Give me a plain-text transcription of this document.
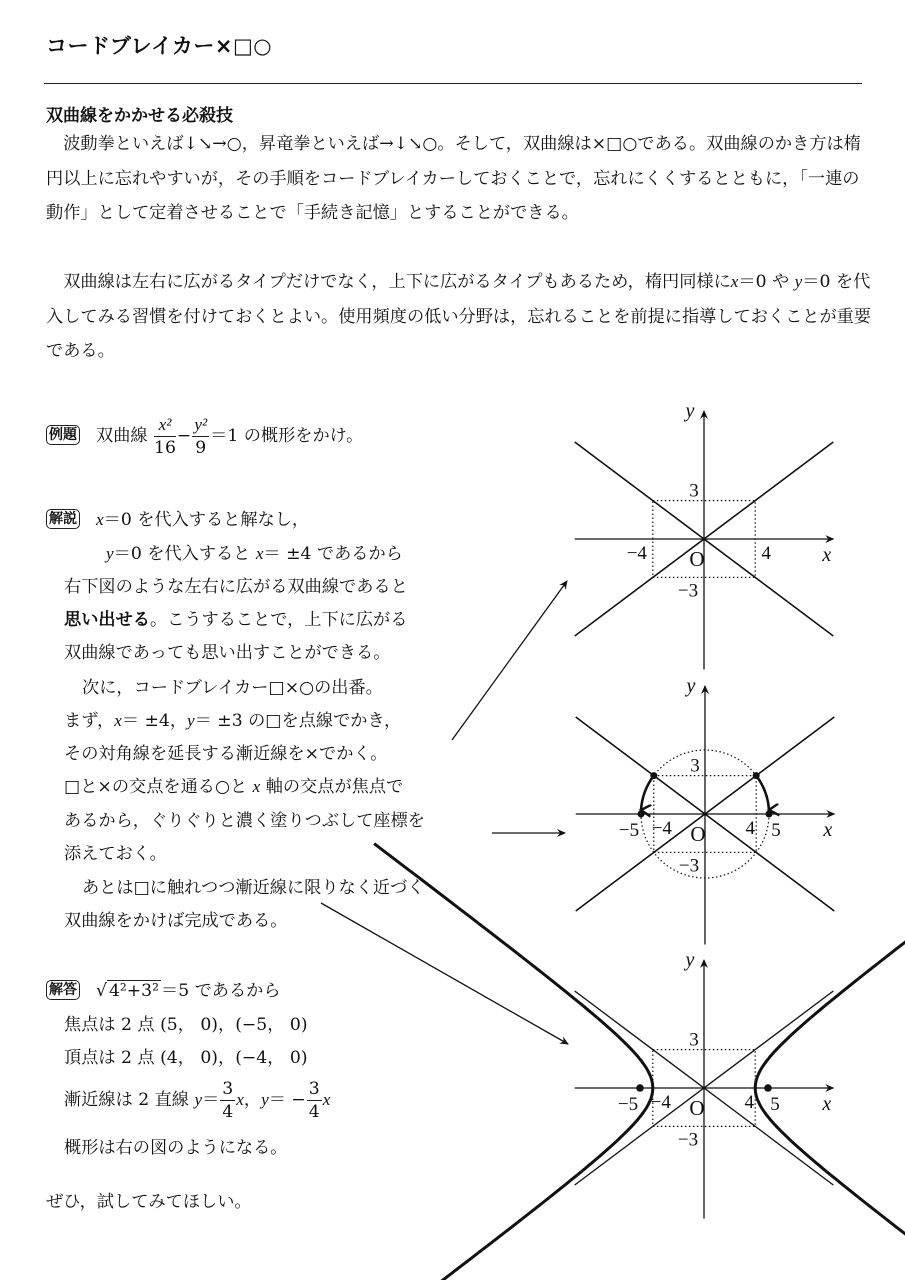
コードブレイカー×□○
双曲線をかかせる必殺技

波動拳といえば↓↘→○，昇竜拳といえば→↓↘○。そして，双曲線は×□○である。双曲線のかき方は楕円以上に忘れやすいが，その手順をコードブレイカーしておくことで，忘れにくくするとともに，「一連の動作」として定着させることで「手続き記憶」とすることができる。

双曲線は左右に広がるタイプだけでなく，上下に広がるタイプもあるため，楕円同様にx＝0 や y＝0 を代入してみる習慣を付けておくとよい。使用頻度の低い分野は，忘れることを前提に指導しておくことが重要である。

例題 双曲線 $\frac{\text{x²}}{16} - \frac{\text{y²}}{9} =1$ の概形をかけ。
解説 x＝0 を代入すると解なし，
y＝0 を代入すると x＝ ±4 であるから
右下図のような左右に広がる双曲線であると
思い出せる。こうすることで，上下に広がる
双曲線であっても思い出すことができる。
次に，コードブレイカー□×○の出番。
まず，x＝ ±4，y＝ ±3 の□を点線でかき，
その対角線を延長する漸近線を×でかく。
□と×の交点を通る○と x 軸の交点が焦点で
あるから，ぐりぐりと濃く塗りつぶして座標を
添えておく。
あとは□に触れつつ漸近線に限りなく近づく
双曲線をかけば完成である。
解答 √ 4²+3² ＝5 であるから
焦点は 2 点 (5， 0)，(−5， 0)
頂点は 2 点 (4， 0)，(−4， 0)
漸近線は 2 直線 $y= \frac{3}{4}$ x，$y= - \frac{3}{4}$ x
概形は右の図のようになる。
ぜひ，試してみてほしい。
y
x
3
−3
O
−4	4
y
x
3
−3
O
−4	4
−5	5
y
x
3
−3
O
−4	4
−5	5
